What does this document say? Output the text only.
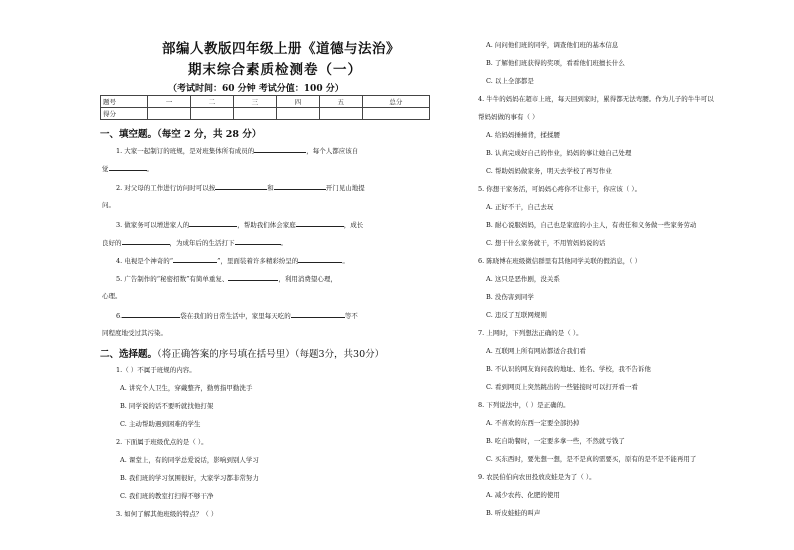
部编人教版四年级上册《道德与法治》
期末综合素质检测卷（一）
（考试时间：60 分钟 考试分值：100 分）
题号	一	二	三	四	五	总分
得分						
一、填空题。（每空 2 分，共 28 分）
1. 大家一起制订的班规，是对班集体所有成员的	，每个人都应该自
觉	。
2. 对父母的工作进行访问时可以按	和	开门见山地提
问。
3. 做家务可以增进家人的	，帮助我们体会家庭	，成长
良好的	，为成年后的生活打下	。
4. 电视是个神奇的“	”，里面装着许多精彩纷呈的	。
5. 广告制作的“秘密招数”有简单重复、	，利用消费望心理，
心理。
6.	袋在我们的日常生活中，家里每天吃的	等不
同程度地受过其污染。
二、选择题。（将正确答案的序号填在括号里）（每题3分，共30分）
1.（ ）不属于班规的内容。
A. 讲究个人卫生，穿戴整齐，勤剪指甲勤洗手
B. 同学说的话不要听就找他打架
C. 主动帮助遇到困难的学生
2. 下面属于班级优点的是（ ）。
A. 课堂上，有的同学总爱说话，影响到别人学习
B. 我们班的学习氛围很好，大家学习都非常努力
C. 我们班的教室打扫得不够干净
3. 如何了解其他班级的特点？（ ）
A. 问问他们班的同学，调查他们班的基本信息
B. 了解他们班获得的奖项，看看他们班擅长什么
C. 以上全部都是
4. 牛牛的妈妈在超市上班，每天回到家时，累得都无法弯腰。作为儿子的牛牛可以
帮妈妈做的事有（ ）
A. 给妈妈捶捶背，揉揉腰
B. 认真完成好自己的作业，妈妈的事让她自己处理
C. 帮助妈妈做家务，明天去学校了再写作业
5. 你想干家务活，可妈妈心疼你不让你干，你应该（ ）。
A. 正好不干，自己去玩
B. 耐心说服妈妈，自己也是家庭的小主人，有责任和义务做一些家务劳动
C. 想干什么家务就干，不用管妈妈说的话
6. 陈晓博在班级微信群里有其他同学关联的假消息，（ ）
A. 这只是恶作剧，没关系
B. 没伤害到同学
C. 违反了互联网规则
7. 上网时，下列想法正确的是（ ）。
A. 互联网上所有网站都适合我们看
B. 不认识的网友询问我的地址、姓名、学校，我不告诉他
C. 看到网页上突然跳出的一些链接时可以打开看一看
8. 下列说法中，（ ）是正确的。
A. 不喜欢的东西一定要全部扔掉
B. 吃自助餐时，一定要多拿一些，不然就亏钱了
C. 买东西时，要先想一想，是不是真的需要买，原有的是不是不能再用了
9. 农民伯伯向农田投放皮蛙是为了（ ）。
A. 减少农药、化肥的使用
B. 听皮蛙蛙的叫声
